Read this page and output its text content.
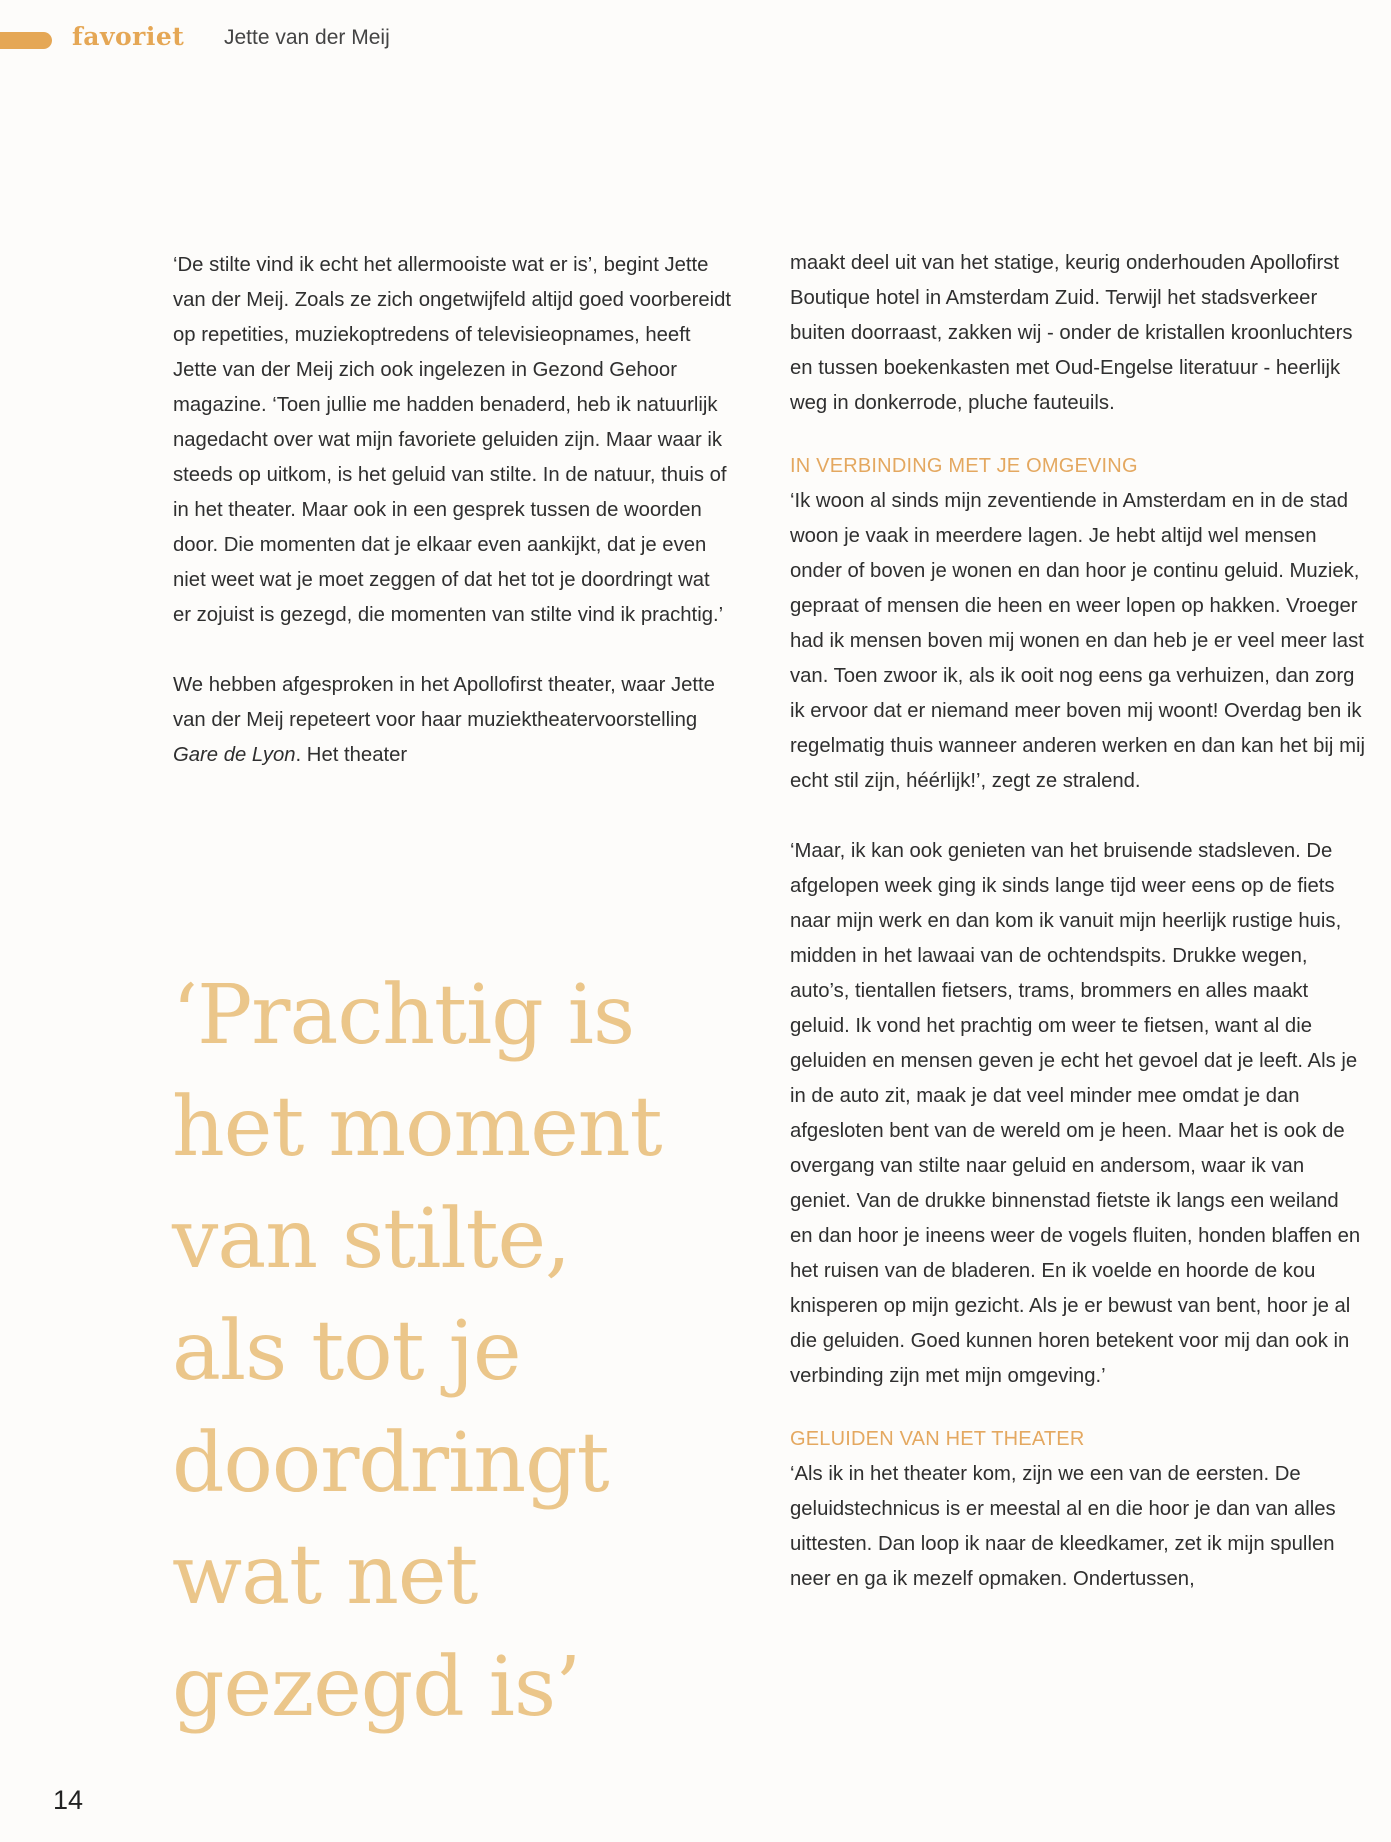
favoriet Jette van der Meij

‘De stilte vind ik echt het allermooiste wat er is’, begint Jette van der Meij. Zoals ze zich ongetwijfeld altijd goed voorbereidt op repetities, muziekoptredens of televisieopnames, heeft Jette van der Meij zich ook ingelezen in Gezond Gehoor magazine. ‘Toen jullie me hadden benaderd, heb ik natuurlijk nagedacht over wat mijn favoriete geluiden zijn. Maar waar ik steeds op uitkom, is het geluid van stilte. In de natuur, thuis of in het theater. Maar ook in een gesprek tussen de woorden door. Die momenten dat je elkaar even aankijkt, dat je even niet weet wat je moet zeggen of dat het tot je doordringt wat er zojuist is gezegd, die momenten van stilte vind ik prachtig.’

We hebben afgesproken in het Apollofirst theater, waar Jette van der Meij repeteert voor haar muziektheatervoorstelling Gare de Lyon. Het theater

‘Prachtig is

het moment

van stilte,

als tot je

doordringt

wat net

gezegd is’

maakt deel uit van het statige, keurig onderhouden Apollofirst Boutique hotel in Amsterdam Zuid. Terwijl het stadsverkeer buiten doorraast, zakken wij - onder de kristallen kroonluchters en tussen boekenkasten met Oud-Engelse literatuur - heerlijk weg in donkerrode, pluche fauteuils.

IN VERBINDING MET JE OMGEVING

‘Ik woon al sinds mijn zeventiende in Amsterdam en in de stad woon je vaak in meerdere lagen. Je hebt altijd wel mensen onder of boven je wonen en dan hoor je continu geluid. Muziek, gepraat of mensen die heen en weer lopen op hakken. Vroeger had ik mensen boven mij wonen en dan heb je er veel meer last van. Toen zwoor ik, als ik ooit nog eens ga verhuizen, dan zorg ik ervoor dat er niemand meer boven mij woont! Overdag ben ik regelmatig thuis wanneer anderen werken en dan kan het bij mij echt stil zijn, héérlijk!’, zegt ze stralend.

‘Maar, ik kan ook genieten van het bruisende stadsleven. De afgelopen week ging ik sinds lange tijd weer eens op de fiets naar mijn werk en dan kom ik vanuit mijn heerlijk rustige huis, midden in het lawaai van de ochtendspits. Drukke wegen, auto’s, tientallen fietsers, trams, brommers en alles maakt geluid. Ik vond het prachtig om weer te fietsen, want al die geluiden en mensen geven je echt het gevoel dat je leeft. Als je in de auto zit, maak je dat veel minder mee omdat je dan afgesloten bent van de wereld om je heen. Maar het is ook de overgang van stilte naar geluid en andersom, waar ik van geniet. Van de drukke binnenstad fietste ik langs een weiland en dan hoor je ineens weer de vogels fluiten, honden blaffen en het ruisen van de bladeren. En ik voelde en hoorde de kou knisperen op mijn gezicht. Als je er bewust van bent, hoor je al die geluiden. Goed kunnen horen betekent voor mij dan ook in verbinding zijn met mijn omgeving.’

GELUIDEN VAN HET THEATER

‘Als ik in het theater kom, zijn we een van de eersten. De geluidstechnicus is er meestal al en die hoor je dan van alles uittesten. Dan loop ik naar de kleedkamer, zet ik mijn spullen neer en ga ik mezelf opmaken. Ondertussen,

14
